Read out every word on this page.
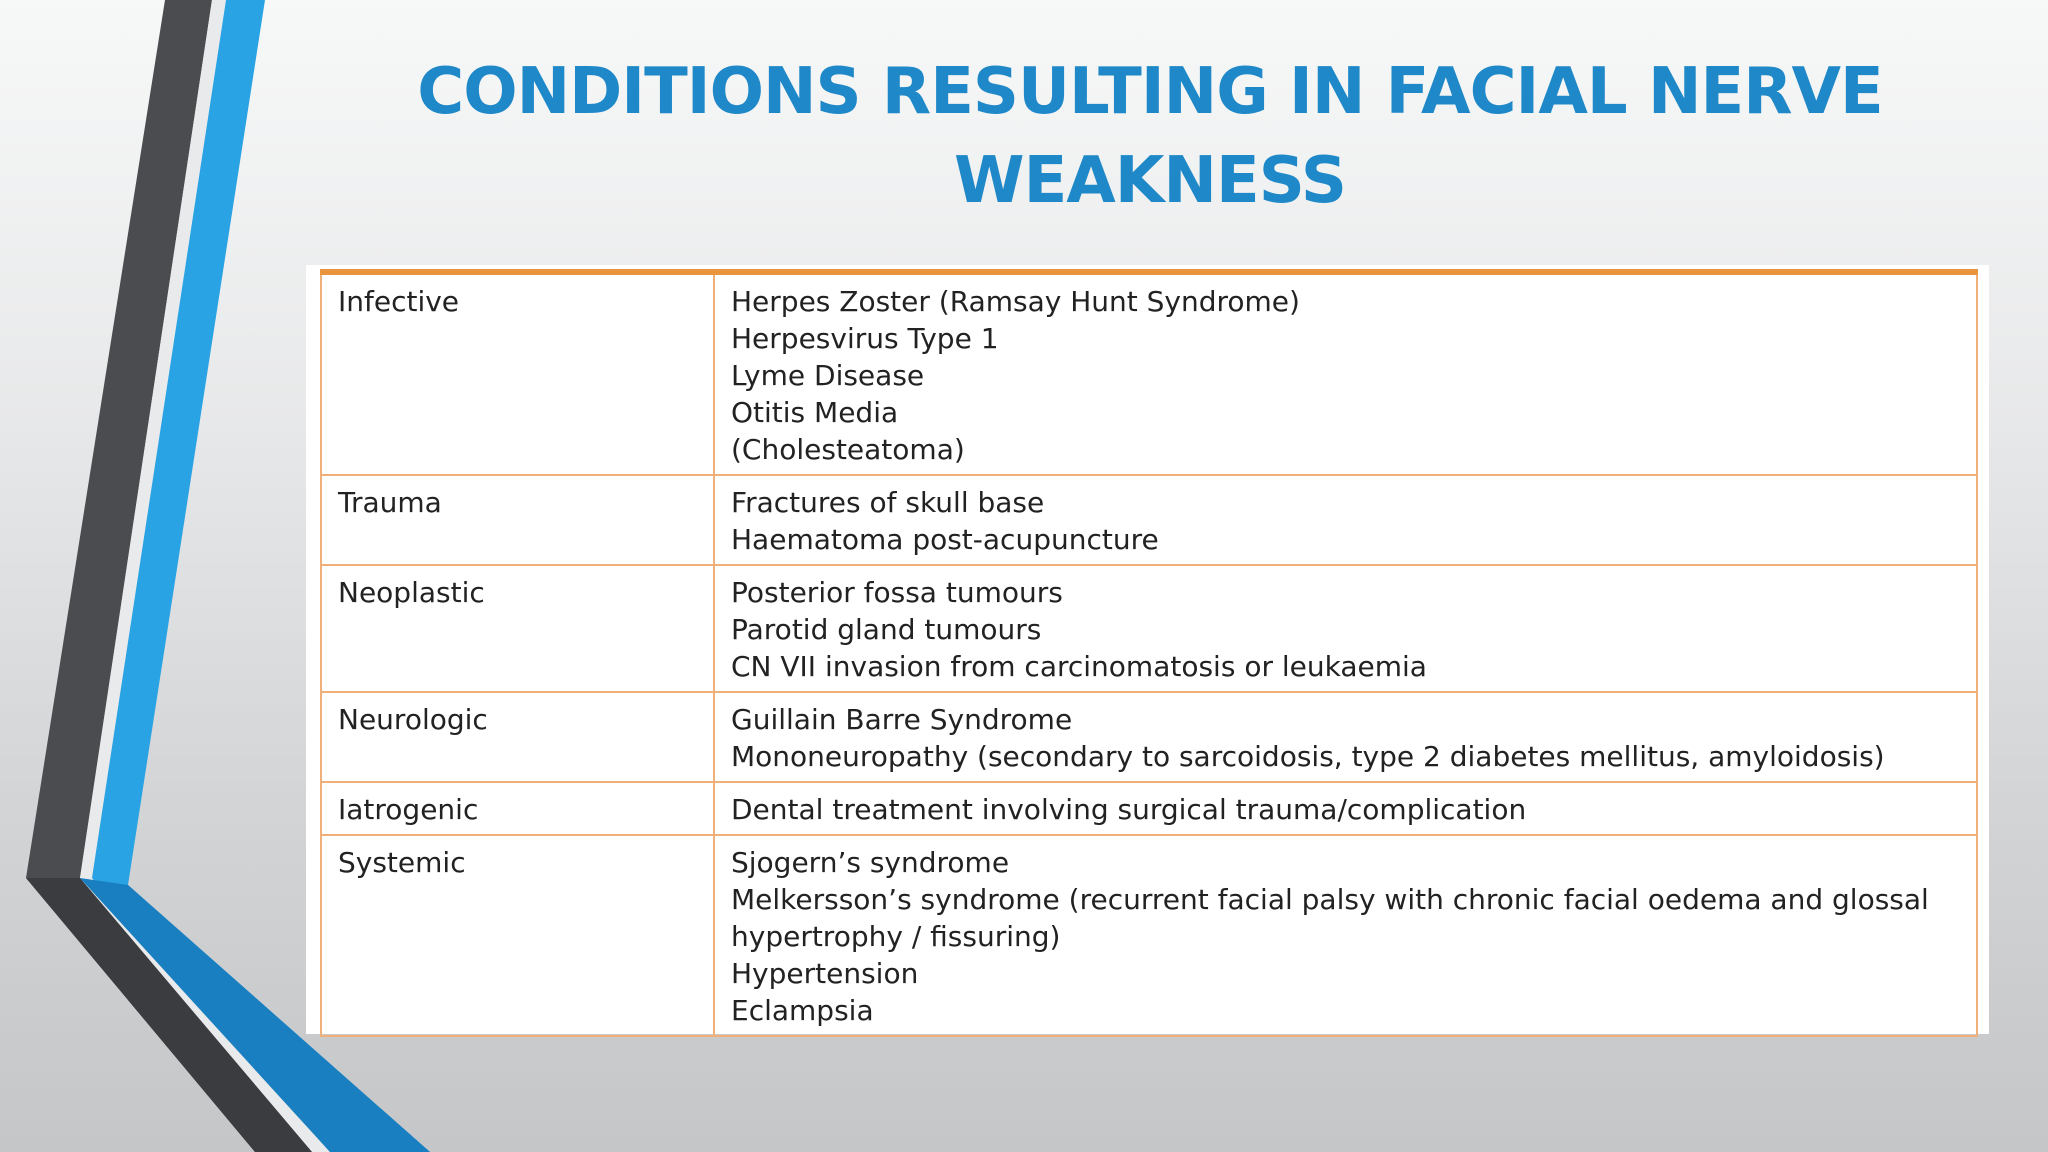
CONDITIONS RESULTING IN FACIAL NERVE WEAKNESS
Infective	Herpes Zoster (Ramsay Hunt Syndrome)
Herpesvirus Type 1
Lyme Disease
Otitis Media
(Cholesteatoma)

Trauma	Fractures of skull base
Haematoma post-acupuncture

Neoplastic	Posterior fossa tumours
Parotid gland tumours
CN VII invasion from carcinomatosis or leukaemia

Neurologic	Guillain Barre Syndrome
Mononeuropathy (secondary to sarcoidosis, type 2 diabetes mellitus, amyloidosis)

Iatrogenic	Dental treatment involving surgical trauma/complication

Systemic	Sjogern’s syndrome
Melkersson’s syndrome (recurrent facial palsy with chronic facial oedema and glossal hypertrophy / fissuring)
Hypertension
Eclampsia
